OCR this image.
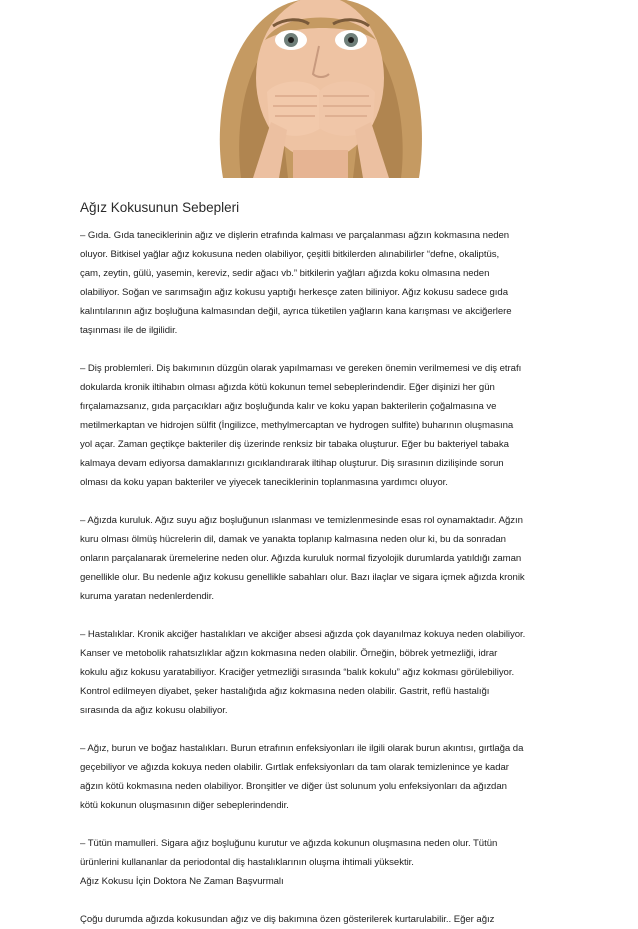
Ağız Kokusunun Sebepleri

– Gıda. Gıda taneciklerinin ağız ve dişlerin etrafında kalması ve parçalanması ağzın kokmasına neden
oluyor. Bitkisel yağlar ağız kokusuna neden olabiliyor, çeşitli bitkilerden alınabilirler “defne, okaliptüs,
çam, zeytin, gülü, yasemin, kereviz, sedir ağacı vb.” bitkilerin yağları ağızda koku olmasına neden
olabiliyor. Soğan ve sarımsağın ağız kokusu yaptığı herkesçe zaten biliniyor. Ağız kokusu sadece gıda
kalıntılarının ağız boşluğuna kalmasından değil, ayrıca tüketilen yağların kana karışması ve akciğerlere
taşınması ile de ilgilidir.

– Diş problemleri. Diş bakımının düzgün olarak yapılmaması ve gereken önemin verilmemesi ve diş etrafı
dokularda kronik iltihabın olması ağızda kötü kokunun temel sebeplerindendir. Eğer dişinizi her gün
fırçalamazsanız, gıda parçacıkları ağız boşluğunda kalır ve koku yapan bakterilerin çoğalmasına ve
metilmerkaptan ve hidrojen sülfit (İngilizce, methylmercaptan ve hydrogen sulfite) buharının oluşmasına
yol açar. Zaman geçtikçe bakteriler diş üzerinde renksiz bir tabaka oluşturur. Eğer bu bakteriyel tabaka
kalmaya devam ediyorsa damaklarınızı gıcıklandırarak iltihap oluşturur. Diş sırasının dizilişinde sorun
olması da koku yapan bakteriler ve yiyecek taneciklerinin toplanmasına yardımcı oluyor.

– Ağızda kuruluk. Ağız suyu ağız boşluğunun ıslanması ve temizlenmesinde esas rol oynamaktadır. Ağzın
kuru olması ölmüş hücrelerin dil, damak ve yanakta toplanıp kalmasına neden olur ki, bu da sonradan
onların parçalanarak üremelerine neden olur. Ağızda kuruluk normal fizyolojik durumlarda yatıldığı zaman
genellikle olur. Bu nedenle ağız kokusu genellikle sabahları olur. Bazı ilaçlar ve sigara içmek ağızda kronik
kuruma yaratan nedenlerdendir.

– Hastalıklar. Kronik akciğer hastalıkları ve akciğer absesi ağızda çok dayanılmaz kokuya neden olabiliyor.
Kanser ve metobolik rahatsızlıklar ağzın kokmasına neden olabilir. Örneğin, böbrek yetmezliği, idrar
kokulu ağız kokusu yaratabiliyor. Kraciğer yetmezliği sırasında “balık kokulu” ağız kokması görülebiliyor.
Kontrol edilmeyen diyabet, şeker hastalığıda ağız kokmasına neden olabilir. Gastrit, reflü hastalığı
sırasında da ağız kokusu olabiliyor.

– Ağız, burun ve boğaz hastalıkları. Burun etrafının enfeksiyonları ile ilgili olarak burun akıntısı, gırtlağa da
geçebiliyor ve ağızda kokuya neden olabilir. Gırtlak enfeksiyonları da tam olarak temizlenince ye kadar
ağzın kötü kokmasına neden olabiliyor. Bronşitler ve diğer üst solunum yolu enfeksiyonları da ağızdan
kötü kokunun oluşmasının diğer sebeplerindendir.

– Tütün mamulleri. Sigara ağız boşluğunu kurutur ve ağızda kokunun oluşmasına neden olur. Tütün
ürünlerini kullananlar da periodontal diş hastalıklarının oluşma ihtimali yüksektir.
Ağız Kokusu İçin Doktora Ne Zaman Başvurmalı

Çoğu durumda ağızda kokusundan ağız ve diş bakımına özen gösterilerek kurtarulabilir.. Eğer ağız
